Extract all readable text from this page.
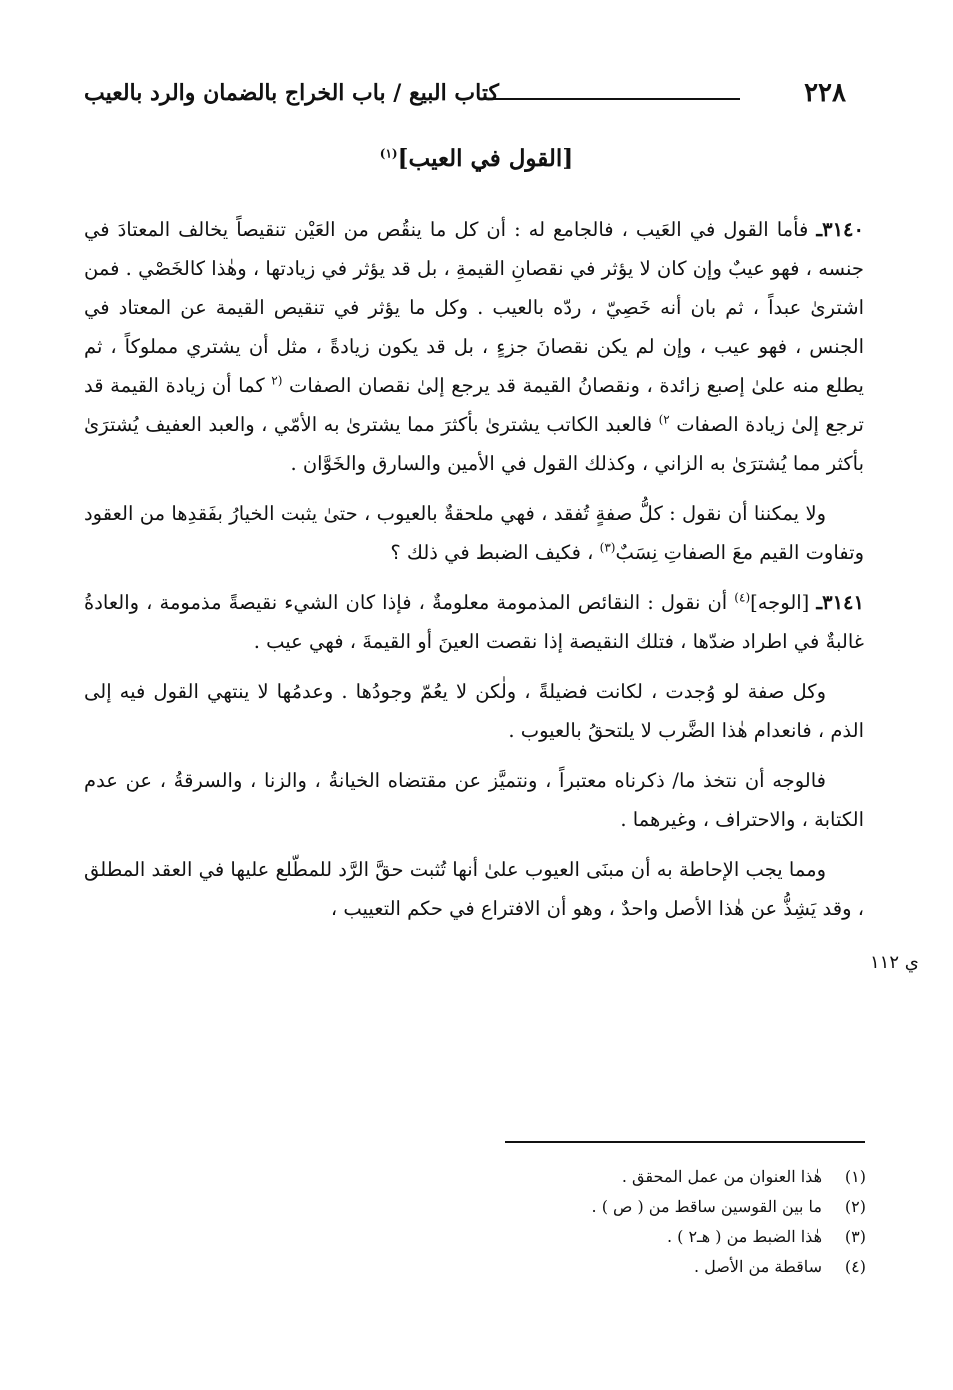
٢٢٨
كتاب البيع / باب الخراج بالضمان والرد بالعيب
[القول في العيب]$^{(١)}$

٣١٤٠ـ فأما القول في العَيب ، فالجامع له : أن كل ما ينقُص من العَيْن تنقيصاً يخالف المعتادَ في جنسه ، فهو عيبٌ وإن كان لا يؤثر في نقصانِ القيمةِ ، بل قد يؤثر في زيادتها ، وهٰذا كالخَصْي . فمن اشترىٰ عبداً ، ثم بان أنه خَصِيّ ، ردّه بالعيب . وكل ما يؤثر في تنقيص القيمة عن المعتاد في الجنس ، فهو عيب ، وإن لم يكن نقصانَ جزءٍ ، بل قد يكون زيادةً ، مثل أن يشتري مملوكاً ، ثم يطلع منه علىٰ إصبع زائدة ، ونقصانُ القيمة قد يرجع إلىٰ نقصان الصفات $^{(٢}$ كما أن زيادة القيمة قد ترجع إلىٰ زيادة الصفات $^{٢)}$ فالعبد الكاتب يشترىٰ بأكثرَ مما يشترىٰ به الأمّي ، والعبد العفيف يُشترَىٰ بأكثر مما يُشترَىٰ به الزاني ، وكذلك القول في الأمين والسارق والخَوَّان .

ولا يمكننا أن نقول : كلُّ صفةٍ تُفقد ، فهي ملحقةٌ بالعيوب ، حتىٰ يثبت الخيارُ بفَقدِها من العقود وتفاوت القيم معَ الصفاتِ نِسَبٌ$^{(٣)}$ ، فكيف الضبط في ذلك ؟

٣١٤١ـ [الوجه]$^{(٤)}$ أن نقول : النقائص المذمومة معلومةٌ ، فإذا كان الشيء نقيصةً مذمومة ، والعادةُ غالبةٌ في اطراد ضدّها ، فتلك النقيصة إذا نقصت العينَ أو القيمةَ ، فهي عيب .

وكل صفة لو وُجدت ، لكانت فضيلةً ، ولٰكن لا يعُمّ وجودُها . وعدمُها لا ينتهي القول فيه إلى الذم ، فانعدام هٰذا الضَّرب لا يلتحقُ بالعيوب .

فالوجه أن نتخذ ما/ ذكرناه معتبراً ، ونتميَّز عن مقتضاه الخيانةُ ، والزنا ، والسرقةُ ، عن عدم الكتابة ، والاحتراف ، وغيرهما .

ومما يجب الإحاطة به أن مبنَى العيوب علىٰ أنها تُثبت حقَّ الرَّد للمطّلع عليها في العقد المطلق ، وقد يَشِذُّ عن هٰذا الأصل واحدٌ ، وهو أن الافتراع في حكم التعييب ،

ي ١١٢
(١)هٰذا العنوان من عمل المحقق .
(٢)ما بين القوسين ساقط من ( ص ) .
(٣)هٰذا الضبط من ( هـ٢ ) .
(٤)ساقطة من الأصل .
